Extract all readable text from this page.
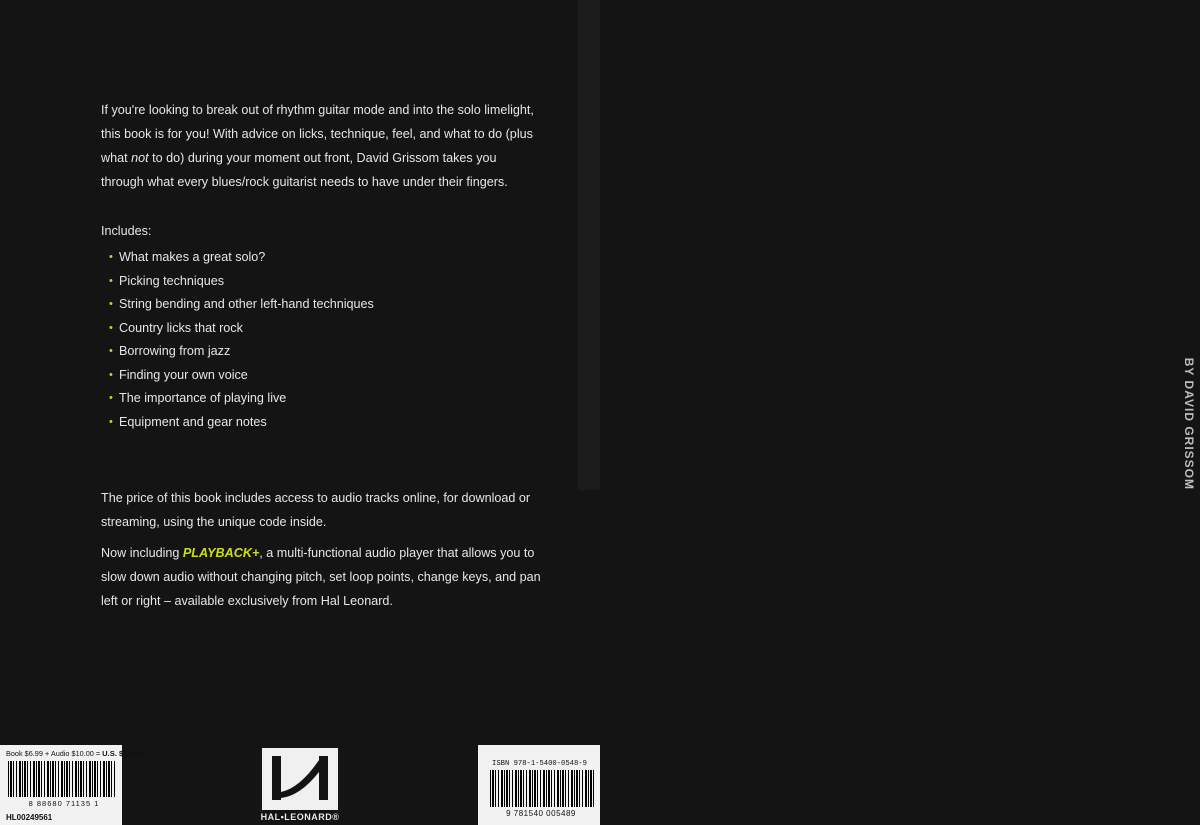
BY DAVID GRISSOM

If you're looking to break out of rhythm guitar mode and into the solo limelight, this book is for you! With advice on licks, technique, feel, and what to do (plus what not to do) during your moment out front, David Grissom takes you through what every blues/rock guitarist needs to have under their fingers.

Includes:

• What makes a great solo?
• Picking techniques
• String bending and other left-hand techniques
• Country licks that rock
• Borrowing from jazz
• Finding your own voice
• The importance of playing live
• Equipment and gear notes

The price of this book includes access to audio tracks online, for download or streaming, using the unique code inside.

Now including PLAYBACK+, a multi-functional audio player that allows you to slow down audio without changing pitch, set loop points, change keys, and pan left or right – available exclusively from Hal Leonard.

Book $6.99 + Audio $10.00 = U.S. $16.99
8 88680 71135 1
HL00249561	HAL•LEONARD®
ISBN 978-1-5400-0548-9
9 781540 005489
